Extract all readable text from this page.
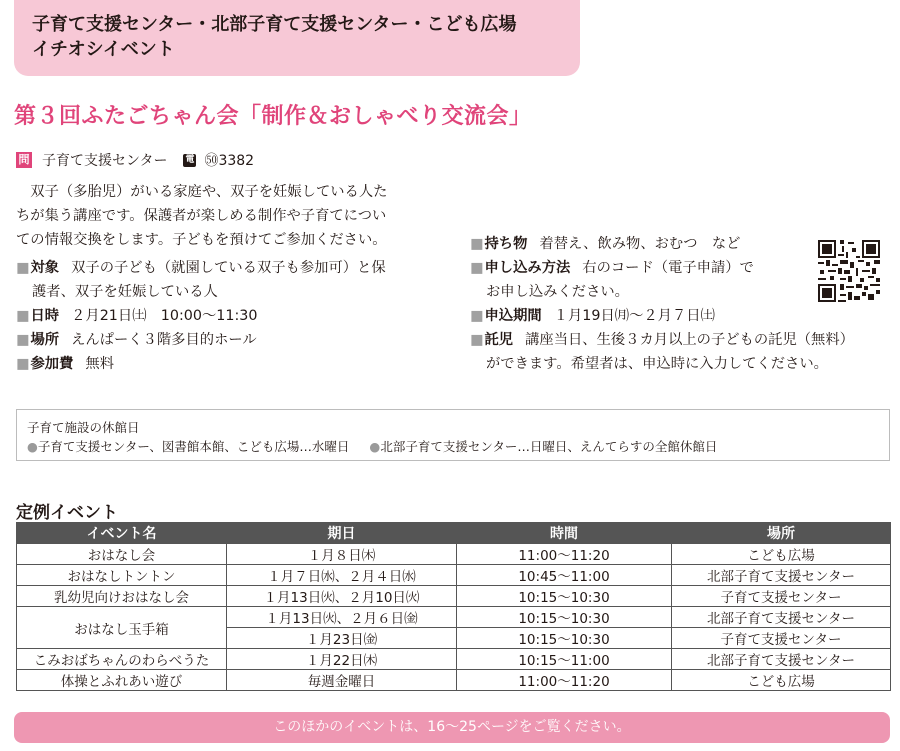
子育て支援センター・北部子育て支援センター・こども広場
イチオシイベント
第３回ふたごちゃん会「制作＆おしゃべり交流会」
問 子育て支援センター 電 ㊿3382
双子（多胎児）がいる家庭や、双子を妊娠している人た
ちが集う講座です。保護者が楽しめる制作や子育てについ
ての情報交換をします。子どもを預けてご参加ください。
■ 対象 双子の子ども（就園している双子も参加可）と保
護者、双子を妊娠している人
■ 日時 ２月21日㈯　10:00～11:30
■ 場所 えんぱーく３階多目的ホール
■ 参加費 無料
■ 持ち物 着替え、飲み物、おむつ　など
■ 申し込み方法 右のコード（電子申請）で
お申し込みください。
■ 申込期間 １月19日㈪～２月７日㈯
■ 託児 講座当日、生後３カ月以上の子どもの託児（無料）
ができます。希望者は、申込時に入力してください。
子育て施設の休館日
●子育て支援センター、図書館本館、こども広場…水曜日 ●北部子育て支援センター…日曜日、えんてらすの全館休館日
定例イベント
イベント名	期日	時間	場所
おはなし会	１月８日㈭	11:00～11:20	こども広場
おはなしトントン	１月７日㈬、２月４日㈬	10:45～11:00	北部子育て支援センター
乳幼児向けおはなし会	１月13日㈫、２月10日㈫	10:15～10:30	子育て支援センター
おはなし玉手箱	１月13日㈫、２月６日㈮	10:15～10:30	北部子育て支援センター
	１月23日㈮	10:15～10:30	子育て支援センター
こみおばちゃんのわらべうた	１月22日㈭	10:15～11:00	北部子育て支援センター
体操とふれあい遊び	毎週金曜日	11:00～11:20	こども広場
このほかのイベントは、16～25ページをご覧ください。
